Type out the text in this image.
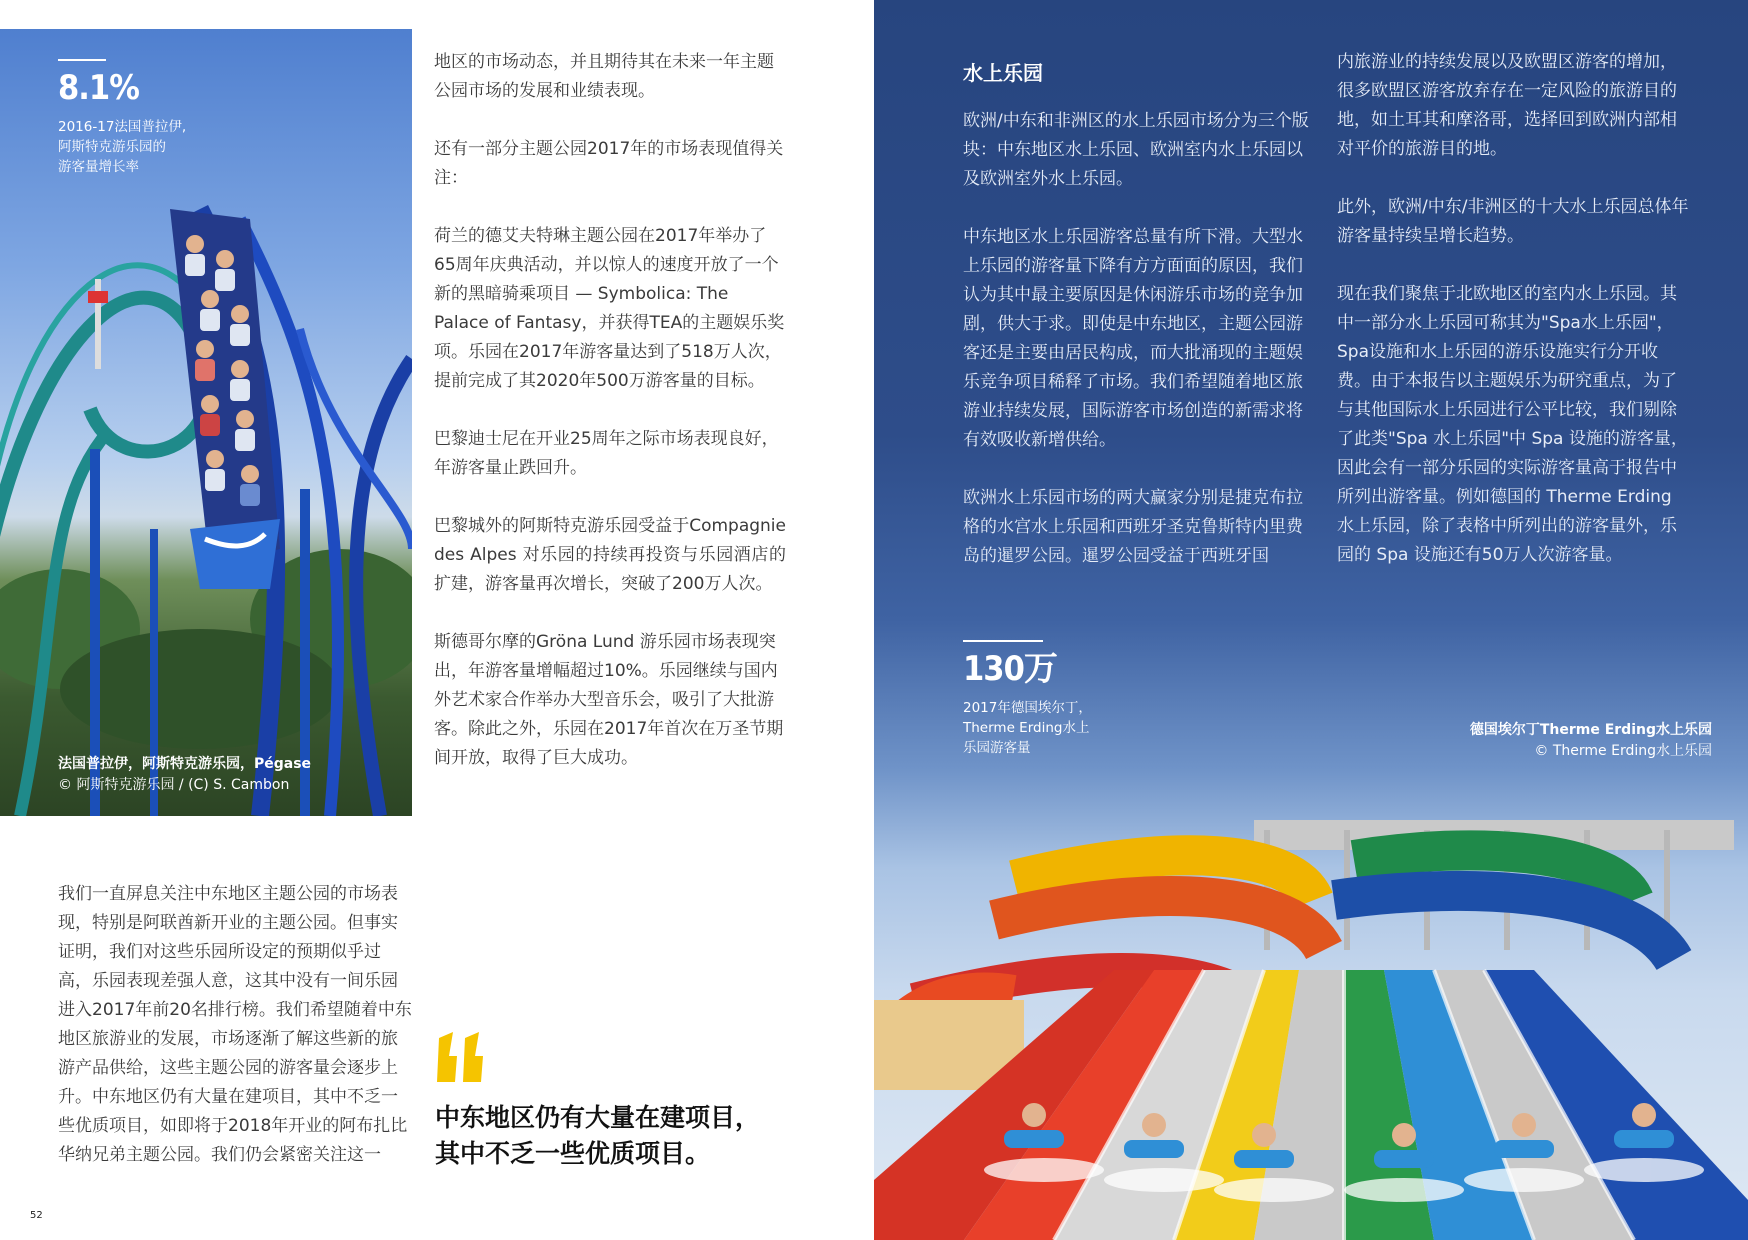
8.1%
2016-17法国普拉伊,
阿斯特克游乐园的
游客量增长率
法国普拉伊，阿斯特克游乐园，Pégase
© 阿斯特克游乐园 / (C) S. Cambon

地区的市场动态，并且期待其在未来一年主题公园市场的发展和业绩表现。

还有一部分主题公园2017年的市场表现值得关注：

荷兰的德艾夫特琳主题公园在2017年举办了65周年庆典活动，并以惊人的速度开放了一个新的黑暗骑乘项目 — Symbolica: The Palace of Fantasy，并获得TEA的主题娱乐奖项。乐园在2017年游客量达到了518万人次，提前完成了其2020年500万游客量的目标。

巴黎迪士尼在开业25周年之际市场表现良好，年游客量止跌回升。

巴黎城外的阿斯特克游乐园受益于Compagnie des Alpes 对乐园的持续再投资与乐园酒店的扩建，游客量再次增长，突破了200万人次。

斯德哥尔摩的Gröna Lund 游乐园市场表现突出，年游客量增幅超过10%。乐园继续与国内外艺术家合作举办大型音乐会，吸引了大批游客。除此之外，乐园在2017年首次在万圣节期间开放，取得了巨大成功。

我们一直屏息关注中东地区主题公园的市场表现，特别是阿联酋新开业的主题公园。但事实证明，我们对这些乐园所设定的预期似乎过高，乐园表现差强人意，这其中没有一间乐园进入2017年前20名排行榜。我们希望随着中东地区旅游业的发展，市场逐渐了解这些新的旅游产品供给，这些主题公园的游客量会逐步上升。中东地区仍有大量在建项目，其中不乏一些优质项目，如即将于2018年开业的阿布扎比华纳兄弟主题公园。我们仍会紧密关注这一

中东地区仍有大量在建项目，
其中不乏一些优质项目。
52
水上乐园

欧洲/中东和非洲区的水上乐园市场分为三个版块：中东地区水上乐园、欧洲室内水上乐园以及欧洲室外水上乐园。

中东地区水上乐园游客总量有所下滑。大型水上乐园的游客量下降有方方面面的原因，我们认为其中最主要原因是休闲游乐市场的竞争加剧，供大于求。即使是中东地区，主题公园游客还是主要由居民构成，而大批涌现的主题娱乐竞争项目稀释了市场。我们希望随着地区旅游业持续发展，国际游客市场创造的新需求将有效吸收新增供给。

欧洲水上乐园市场的两大赢家分别是捷克布拉格的水宫水上乐园和西班牙圣克鲁斯特内里费岛的暹罗公园。暹罗公园受益于西班牙国

内旅游业的持续发展以及欧盟区游客的增加，很多欧盟区游客放弃存在一定风险的旅游目的地，如土耳其和摩洛哥，选择回到欧洲内部相对平价的旅游目的地。

此外，欧洲/中东/非洲区的十大水上乐园总体年游客量持续呈增长趋势。

现在我们聚焦于北欧地区的室内水上乐园。其中一部分水上乐园可称其为"Spa水上乐园"，Spa设施和水上乐园的游乐设施实行分开收费。由于本报告以主题娱乐为研究重点，为了与其他国际水上乐园进行公平比较，我们剔除了此类"Spa 水上乐园"中 Spa 设施的游客量，因此会有一部分乐园的实际游客量高于报告中所列出游客量。例如德国的 Therme Erding 水上乐园，除了表格中所列出的游客量外，乐园的 Spa 设施还有50万人次游客量。

130万
2017年德国埃尔丁，
Therme Erding水上
乐园游客量
德国埃尔丁Therme Erding水上乐园
© Therme Erding水上乐园
